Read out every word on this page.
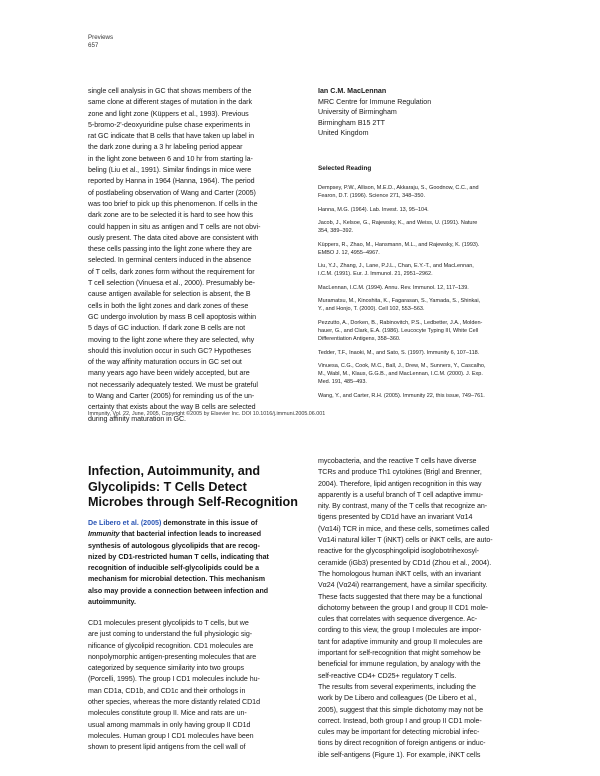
Previews
657
single cell analysis in GC that shows members of the
same clone at different stages of mutation in the dark
zone and light zone (Küppers et al., 1993). Previous
5-bromo-2'-deoxyuridine pulse chase experiments in
rat GC indicate that B cells that have taken up label in
the dark zone during a 3 hr labeling period appear
in the light zone between 6 and 10 hr from starting la-
beling (Liu et al., 1991). Similar findings in mice were
reported by Hanna in 1964 (Hanna, 1964). The period
of postlabeling observation of Wang and Carter (2005)
was too brief to pick up this phenomenon. If cells in the
dark zone are to be selected it is hard to see how this
could happen in situ as antigen and T cells are not obvi-
ously present. The data cited above are consistent with
these cells passing into the light zone where they are
selected. In germinal centers induced in the absence
of T cells, dark zones form without the requirement for
T cell selection (Vinuesa et al., 2000). Presumably be-
cause antigen available for selection is absent, the B
cells in both the light zones and dark zones of these
GC undergo involution by mass B cell apoptosis within
5 days of GC induction. If dark zone B cells are not
moving to the light zone where they are selected, why
should this involution occur in such GC? Hypotheses
of the way affinity maturation occurs in GC set out
many years ago have been widely accepted, but are
not necessarily adequately tested. We must be grateful
to Wang and Carter (2005) for reminding us of the un-
certainty that exists about the way B cells are selected
during affinity maturation in GC.
Ian C.M. MacLennan
MRC Centre for Immune Regulation
University of Birmingham
Birmingham B15 2TT
United Kingdom
Selected Reading
Dempsey, P.W., Allison, M.E.D., Akkaraju, S., Goodnow, C.C., and
Fearon, D.T. (1996). Science 271, 348–350.
Hanna, M.G. (1964). Lab. Invest. 13, 95–104.
Jacob, J., Kelsoe, G., Rajewsky, K., and Weiss, U. (1991). Nature
354, 389–392.
Küppers, R., Zhao, M., Hansmann, M.L., and Rajewsky, K. (1993).
EMBO J. 12, 4955–4967.
Liu, Y.J., Zhang, J., Lane, P.J.L., Chan, E.Y.-T., and MacLennan,
I.C.M. (1991). Eur. J. Immunol. 21, 2951–2962.
MacLennan, I.C.M. (1994). Annu. Rev. Immunol. 12, 117–139.
Muramatsu, M., Kinoshita, K., Fagarasan, S., Yamada, S., Shinkai,
Y., and Honjo, T. (2000). Cell 102, 553–563.
Pezzutto, A., Dorken, B., Rabinovitch, P.S., Ledbetter, J.A., Molden-
hauer, G., and Clark, E.A. (1986). Leucocyte Typing III, White Cell
Differentiation Antigens, 358–360.
Tedder, T.F., Inaoki, M., and Sato, S. (1997). Immunity 6, 107–118.
Vinuesa, C.G., Cook, M.C., Ball, J., Drew, M., Sunners, Y., Cascalho,
M., Wabl, M., Klaus, G.G.B., and MacLennan, I.C.M. (2000). J. Exp.
Med. 191, 485–493.
Wang, Y., and Carter, R.H. (2005). Immunity 22, this issue, 749–761.
Immunity, Vol. 22, June, 2005, Copyright ©2005 by Elsevier Inc. DOI 10.1016/j.immuni.2005.06.001
Infection, Autoimmunity, and
Glycolipids: T Cells Detect
Microbes through Self-Recognition
De Libero et al. (2005) demonstrate in this issue of
Immunity that bacterial infection leads to increased
synthesis of autologous glycolipids that are recog-
nized by CD1-restricted human T cells, indicating that
recognition of inducible self-glycolipids could be a
mechanism for microbial detection. This mechanism
also may provide a connection between infection and
autoimmunity.
CD1 molecules present glycolipids to T cells, but we
are just coming to understand the full physiologic sig-
nificance of glycolipid recognition. CD1 molecules are
nonpolymorphic antigen-presenting molecules that are
categorized by sequence similarity into two groups
(Porcelli, 1995). The group I CD1 molecules include hu-
man CD1a, CD1b, and CD1c and their orthologs in
other species, whereas the more distantly related CD1d
molecules constitute group II. Mice and rats are un-
usual among mammals in only having group II CD1d
molecules. Human group I CD1 molecules have been
shown to present lipid antigens from the cell wall of
mycobacteria, and the reactive T cells have diverse
TCRs and produce Th1 cytokines (Brigl and Brenner,
2004). Therefore, lipid antigen recognition in this way
apparently is a useful branch of T cell adaptive immu-
nity. By contrast, many of the T cells that recognize an-
tigens presented by CD1d have an invariant Vα14
(Vα14i) TCR in mice, and these cells, sometimes called
Vα14i natural killer T (iNKT) cells or iNKT cells, are auto-
reactive for the glycosphingolipid isoglobotrihexosyl-
ceramide (iGb3) presented by CD1d (Zhou et al., 2004).
The homologous human iNKT cells, with an invariant
Vα24 (Vα24i) rearrangement, have a similar specificity.
These facts suggested that there may be a functional
dichotomy between the group I and group II CD1 mole-
cules that correlates with sequence divergence. Ac-
cording to this view, the group I molecules are impor-
tant for adaptive immunity and group II molecules are
important for self-recognition that might somehow be
beneficial for immune regulation, by analogy with the
self-reactive CD4+ CD25+ regulatory T cells.
The results from several experiments, including the
work by De Libero and colleagues (De Libero et al.,
2005), suggest that this simple dichotomy may not be
correct. Instead, both group I and group II CD1 mole-
cules may be important for detecting microbial infec-
tions by direct recognition of foreign antigens or induc-
ible self-antigens (Figure 1). For example, iNKT cells
